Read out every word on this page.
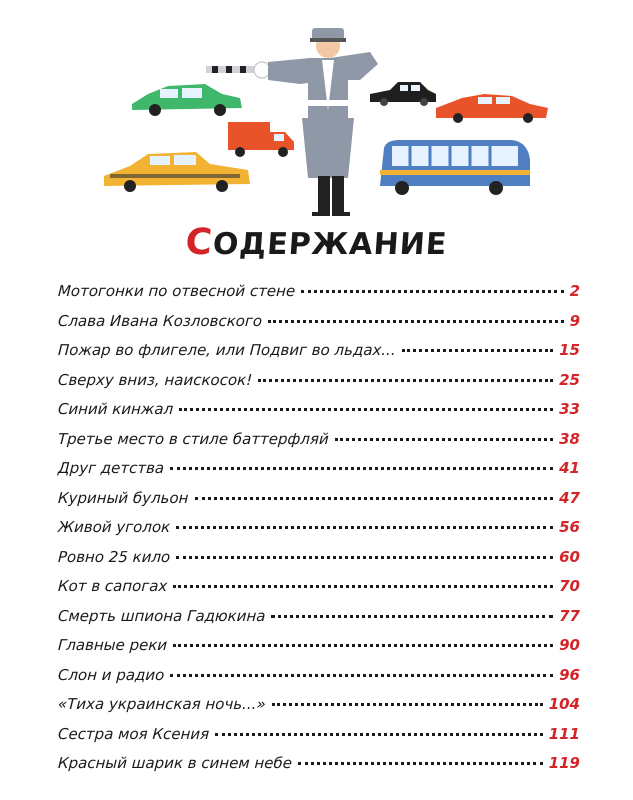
СОДЕРЖАНИЕ
Мотогонки по отвесной стене	2
Слава Ивана Козловского	9
Пожар во флигеле, или Подвиг во льдах...	15
Сверху вниз, наискосок!	25
Синий кинжал	33
Третье место в стиле баттерфляй	38
Друг детства	41
Куриный бульон	47
Живой уголок	56
Ровно 25 кило	60
Кот в сапогах	70
Смерть шпиона Гадюкина	77
Главные реки	90
Слон и радио	96
«Тиха украинская ночь...»	104
Сестра моя Ксения	111
Красный шарик в синем небе	119
